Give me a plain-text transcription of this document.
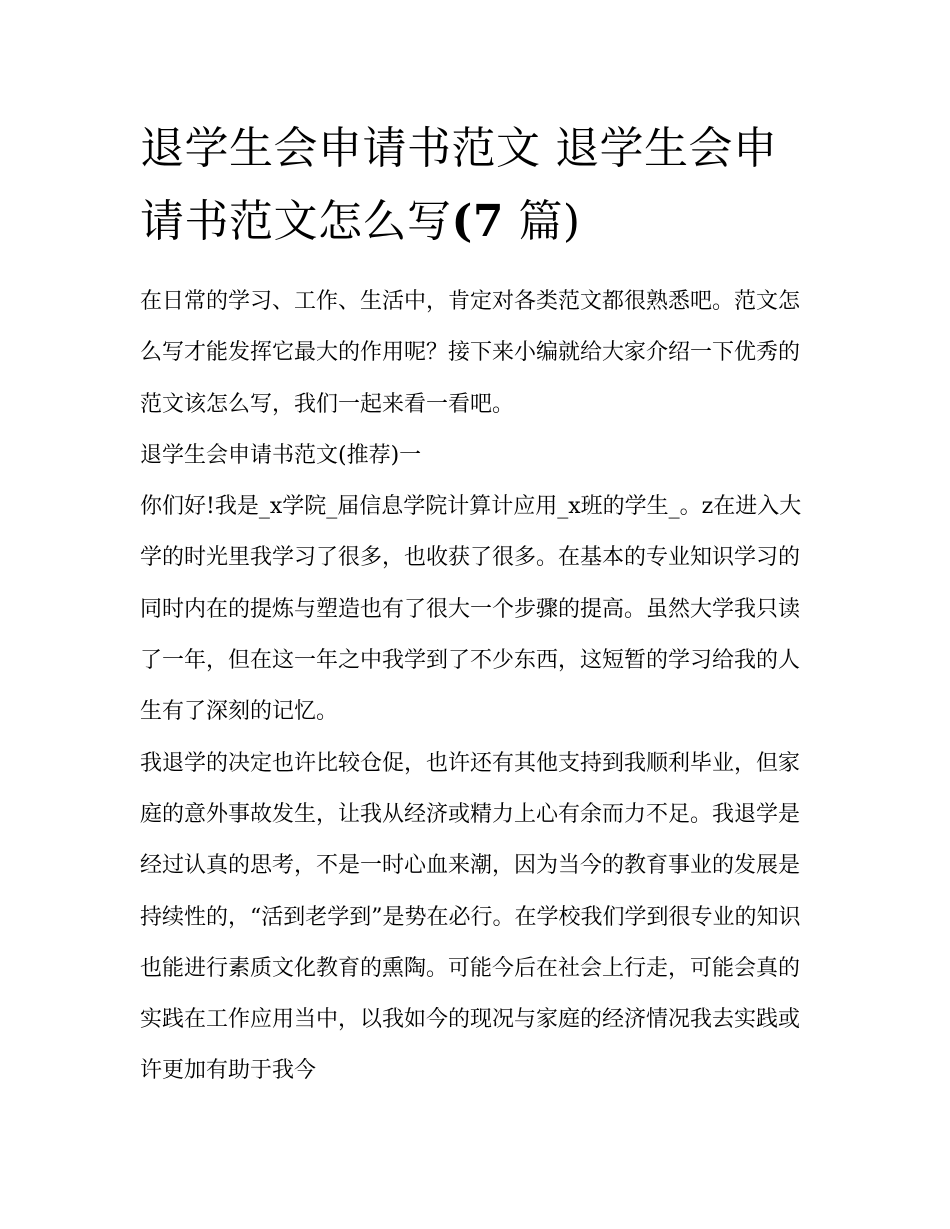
退学生会申请书范文 退学生会申请书范文怎么写(7 篇)

在日常的学习、工作、生活中，肯定对各类范文都很熟悉吧。范文怎么写才能发挥它最大的作用呢？接下来小编就给大家介绍一下优秀的范文该怎么写，我们一起来看一看吧。

退学生会申请书范文(推荐)一

你们好!我是_x学院_届信息学院计算计应用_x班的学生_。z在进入大学的时光里我学习了很多，也收获了很多。在基本的专业知识学习的同时内在的提炼与塑造也有了很大一个步骤的提高。虽然大学我只读了一年，但在这一年之中我学到了不少东西，这短暂的学习给我的人生有了深刻的记忆。

我退学的决定也许比较仓促，也许还有其他支持到我顺利毕业，但家庭的意外事故发生，让我从经济或精力上心有余而力不足。我退学是经过认真的思考，不是一时心血来潮，因为当今的教育事业的发展是持续性的，“活到老学到”是势在必行。在学校我们学到很专业的知识也能进行素质文化教育的熏陶。可能今后在社会上行走，可能会真的实践在工作应用当中，以我如今的现况与家庭的经济情况我去实践或许更加有助于我今
